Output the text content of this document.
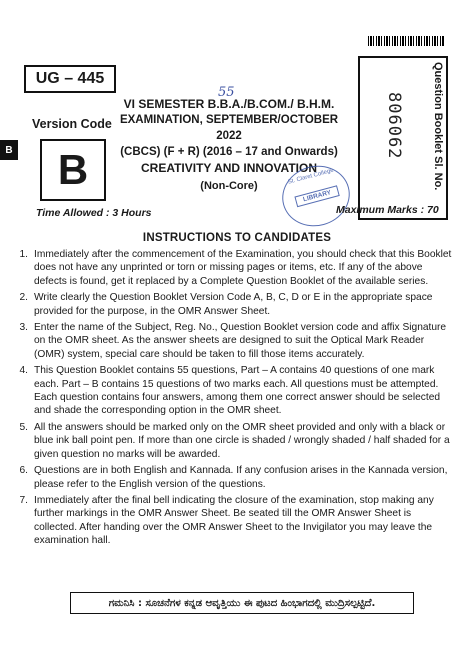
UG – 445
B
Version Code
B
55
VI SEMESTER B.B.A./B.COM./ B.H.M.
EXAMINATION, SEPTEMBER/OCTOBER 2022
(CBCS) (F + R) (2016 – 17 and Onwards)
CREATIVITY AND INNOVATION
(Non-Core)
St. Claret College
LIBRARY
Question Booklet Sl. No.
806062
Time Allowed : 3 Hours	Maximum Marks : 70
INSTRUCTIONS TO CANDIDATES
1. Immediately after the commencement of the Examination, you should check that this Booklet does not have any unprinted or torn or missing pages or items, etc. If any of the above defects is found, get it replaced by a Complete Question Booklet of the available series.
2. Write clearly the Question Booklet Version Code A, B, C, D or E in the appropriate space provided for the purpose, in the OMR Answer Sheet.
3. Enter the name of the Subject, Reg. No., Question Booklet version code and affix Signature on the OMR sheet. As the answer sheets are designed to suit the Optical Mark Reader (OMR) system, special care should be taken to fill those items accurately.
4. This Question Booklet contains 55 questions, Part – A contains 40 questions of one mark each. Part – B contains 15 questions of two marks each. All questions must be attempted. Each question contains four answers, among them one correct answer should be selected and shade the corresponding option in the OMR sheet.
5. All the answers should be marked only on the OMR sheet provided and only with a black or blue ink ball point pen. If more than one circle is shaded / wrongly shaded / half shaded for a given question no marks will be awarded.
6. Questions are in both English and Kannada. If any confusion arises in the Kannada version, please refer to the English version of the questions.
7. Immediately after the final bell indicating the closure of the examination, stop making any further markings in the OMR Answer Sheet. Be seated till the OMR Answer Sheet is collected. After handing over the OMR Answer Sheet to the Invigilator you may leave the examination hall.
ಗಮನಿಸಿ : ಸೂಚನೆಗಳ ಕನ್ನಡ ಆವೃತ್ತಿಯು ಈ ಪುಟದ ಹಿಂಭಾಗದಲ್ಲಿ ಮುದ್ರಿಸಲ್ಪಟ್ಟಿದೆ.
